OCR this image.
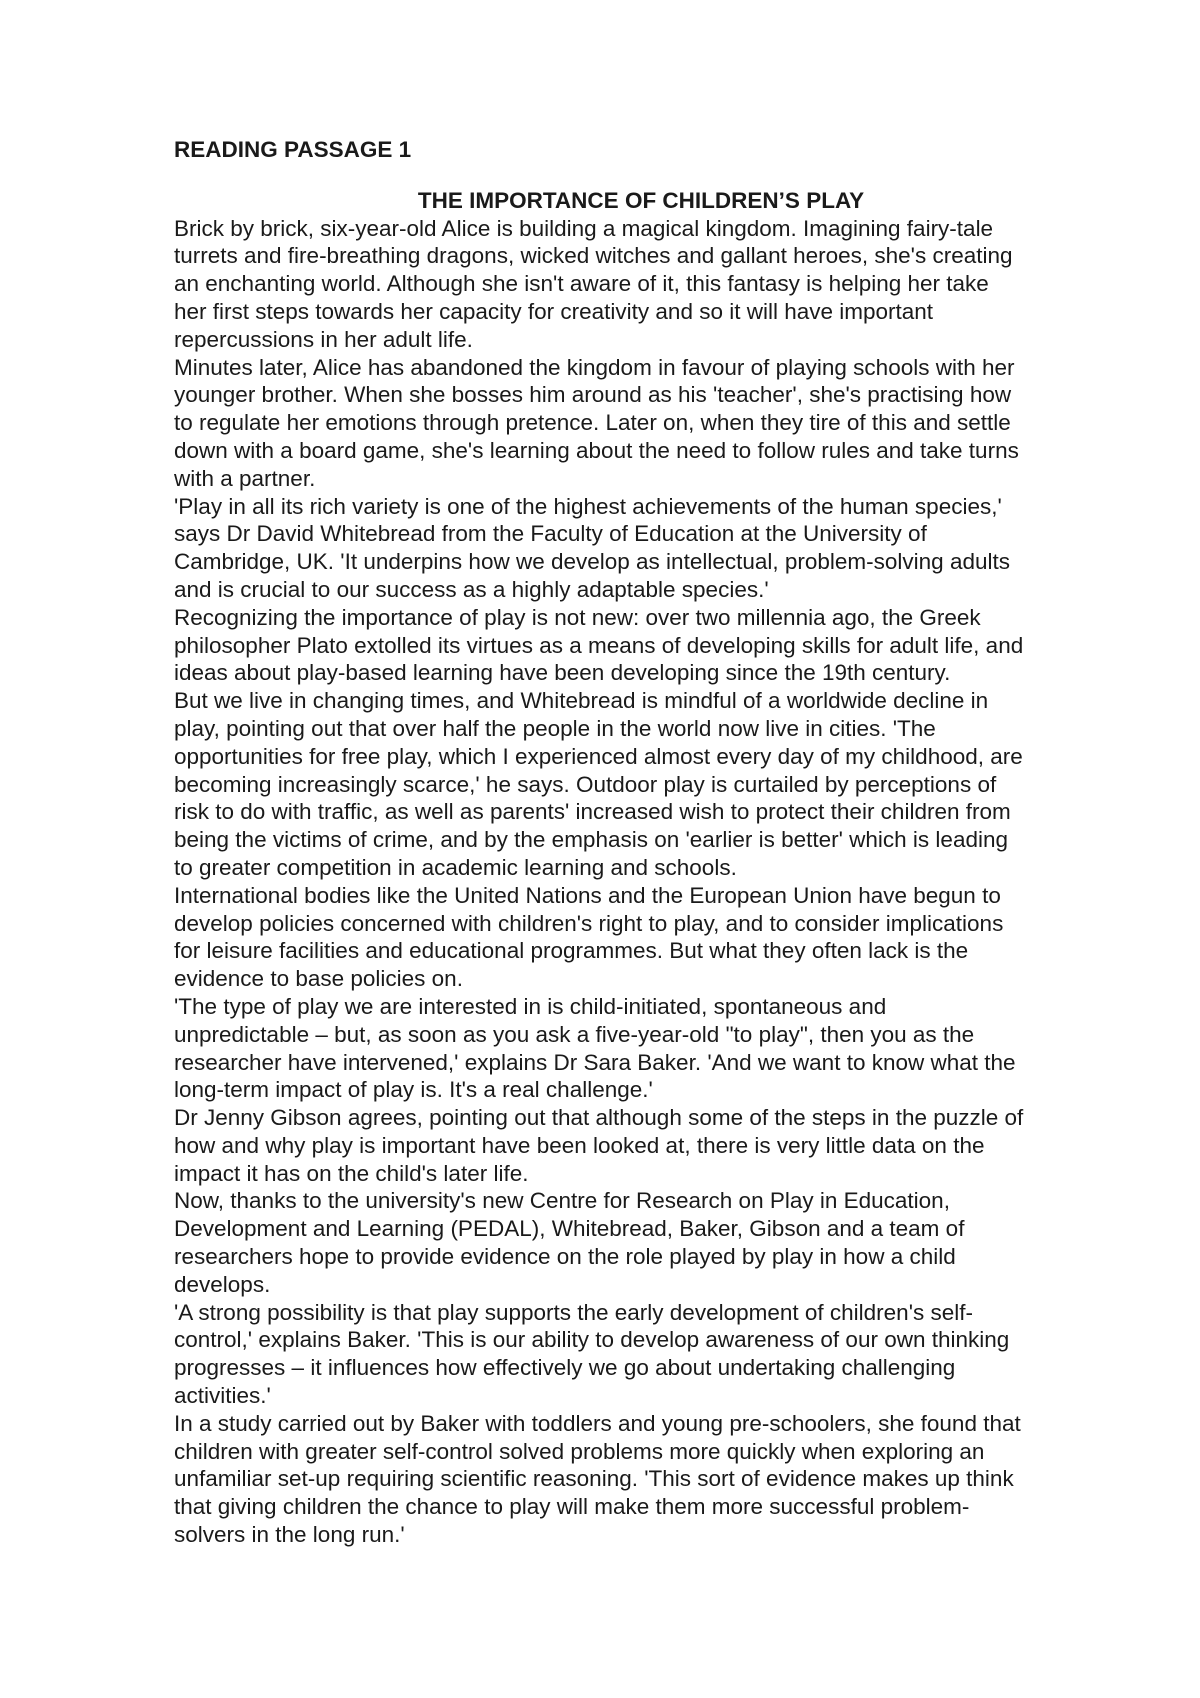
READING PASSAGE 1

THE IMPORTANCE OF CHILDREN’S PLAY

Brick by brick, six-year-old Alice is building a magical kingdom. Imagining fairy-tale
turrets and fire-breathing dragons, wicked witches and gallant heroes, she's creating
an enchanting world. Although she isn't aware of it, this fantasy is helping her take
her first steps towards her capacity for creativity and so it will have important
repercussions in her adult life.

Minutes later, Alice has abandoned the kingdom in favour of playing schools with her
younger brother. When she bosses him around as his 'teacher', she's practising how
to regulate her emotions through pretence. Later on, when they tire of this and settle
down with a board game, she's learning about the need to follow rules and take turns
with a partner.

'Play in all its rich variety is one of the highest achievements of the human species,'
says Dr David Whitebread from the Faculty of Education at the University of
Cambridge, UK. 'It underpins how we develop as intellectual, problem-solving adults
and is crucial to our success as a highly adaptable species.'

Recognizing the importance of play is not new: over two millennia ago, the Greek
philosopher Plato extolled its virtues as a means of developing skills for adult life, and
ideas about play-based learning have been developing since the 19th century.

But we live in changing times, and Whitebread is mindful of a worldwide decline in
play, pointing out that over half the people in the world now live in cities. 'The
opportunities for free play, which I experienced almost every day of my childhood, are
becoming increasingly scarce,' he says. Outdoor play is curtailed by perceptions of
risk to do with traffic, as well as parents' increased wish to protect their children from
being the victims of crime, and by the emphasis on 'earlier is better' which is leading
to greater competition in academic learning and schools.

International bodies like the United Nations and the European Union have begun to
develop policies concerned with children's right to play, and to consider implications
for leisure facilities and educational programmes. But what they often lack is the
evidence to base policies on.

'The type of play we are interested in is child-initiated, spontaneous and
unpredictable – but, as soon as you ask a five-year-old "to play", then you as the
researcher have intervened,' explains Dr Sara Baker. 'And we want to know what the
long-term impact of play is. It's a real challenge.'

Dr Jenny Gibson agrees, pointing out that although some of the steps in the puzzle of
how and why play is important have been looked at, there is very little data on the
impact it has on the child's later life.

Now, thanks to the university's new Centre for Research on Play in Education,
Development and Learning (PEDAL), Whitebread, Baker, Gibson and a team of
researchers hope to provide evidence on the role played by play in how a child
develops.

'A strong possibility is that play supports the early development of children's self-
control,' explains Baker. 'This is our ability to develop awareness of our own thinking
progresses – it influences how effectively we go about undertaking challenging
activities.'

In a study carried out by Baker with toddlers and young pre-schoolers, she found that
children with greater self-control solved problems more quickly when exploring an
unfamiliar set-up requiring scientific reasoning. 'This sort of evidence makes up think
that giving children the chance to play will make them more successful problem-
solvers in the long run.'
